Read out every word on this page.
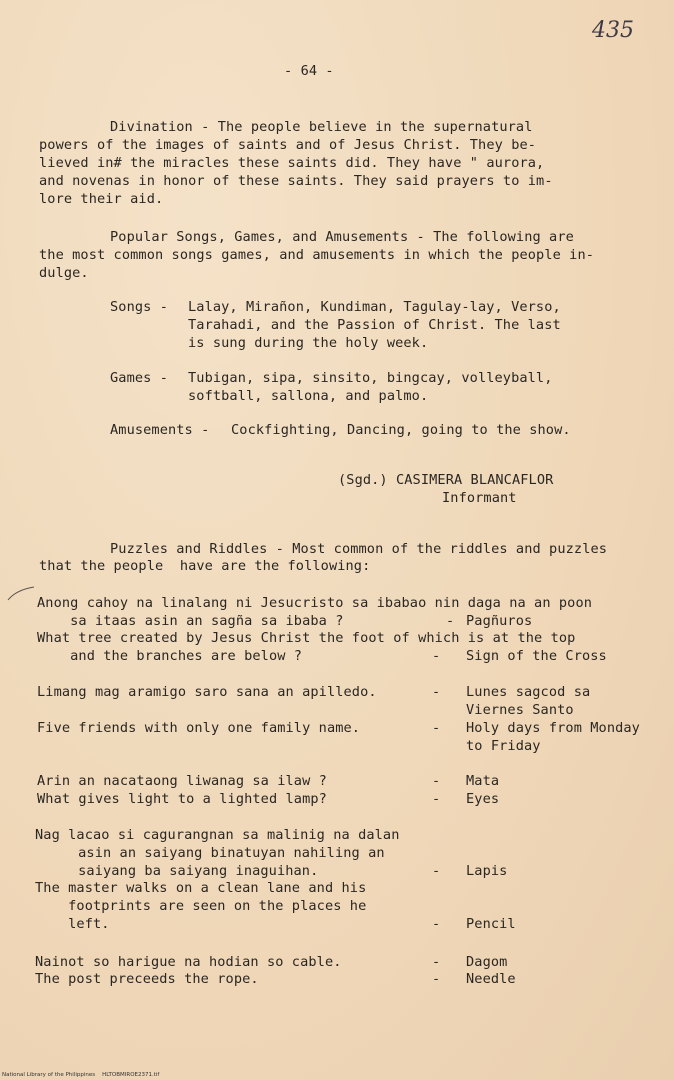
435
- 64 -
Divination - The people believe in the supernatural
powers of the images of saints and of Jesus Christ. They be-
lieved in# the miracles these saints did. They have " aurora,
and novenas in honor of these saints. They said prayers to im-
lore their aid.
Popular Songs, Games, and Amusements - The following are
the most common songs games, and amusements in which the people in-
dulge.
Songs - Lalay, Mirañon, Kundiman, Tagulay-lay, Verso,
Tarahadi, and the Passion of Christ. The last
is sung during the holy week.
Games - Tubigan, sipa, sinsito, bingcay, volleyball,
softball, sallona, and palmo.
Amusements - Cockfighting, Dancing, going to the show.
(Sgd.) CASIMERA BLANCAFLOR
Informant
Puzzles and Riddles - Most common of the riddles and puzzles
that the people  have are the following:
Anong cahoy na linalang ni Jesucristo sa ibabao nin daga na an poon
sa itaas asin an sagña sa ibaba ?	- Pagñuros
What tree created by Jesus Christ the foot of which is at the top
and the branches are below ?	- Sign of the Cross
Limang mag aramigo saro sana an apilledo.	- Lunes sagcod sa
Viernes Santo
Five friends with only one family name.	- Holy days from Monday
to Friday
Arin an nacataong liwanag sa ilaw ?	- Mata
What gives light to a lighted lamp?	- Eyes
Nag lacao si cagurangnan sa malinig na dalan
asin an saiyang binatuyan nahiling an
saiyang ba saiyang inaguihan.	- Lapis
The master walks on a clean lane and his
footprints are seen on the places he
left.	- Pencil
Nainot so harigue na hodian so cable.	- Dagom
The post preceeds the rope.	- Needle
National Library of the Philippines    HLTOBMIROE2371.tif
